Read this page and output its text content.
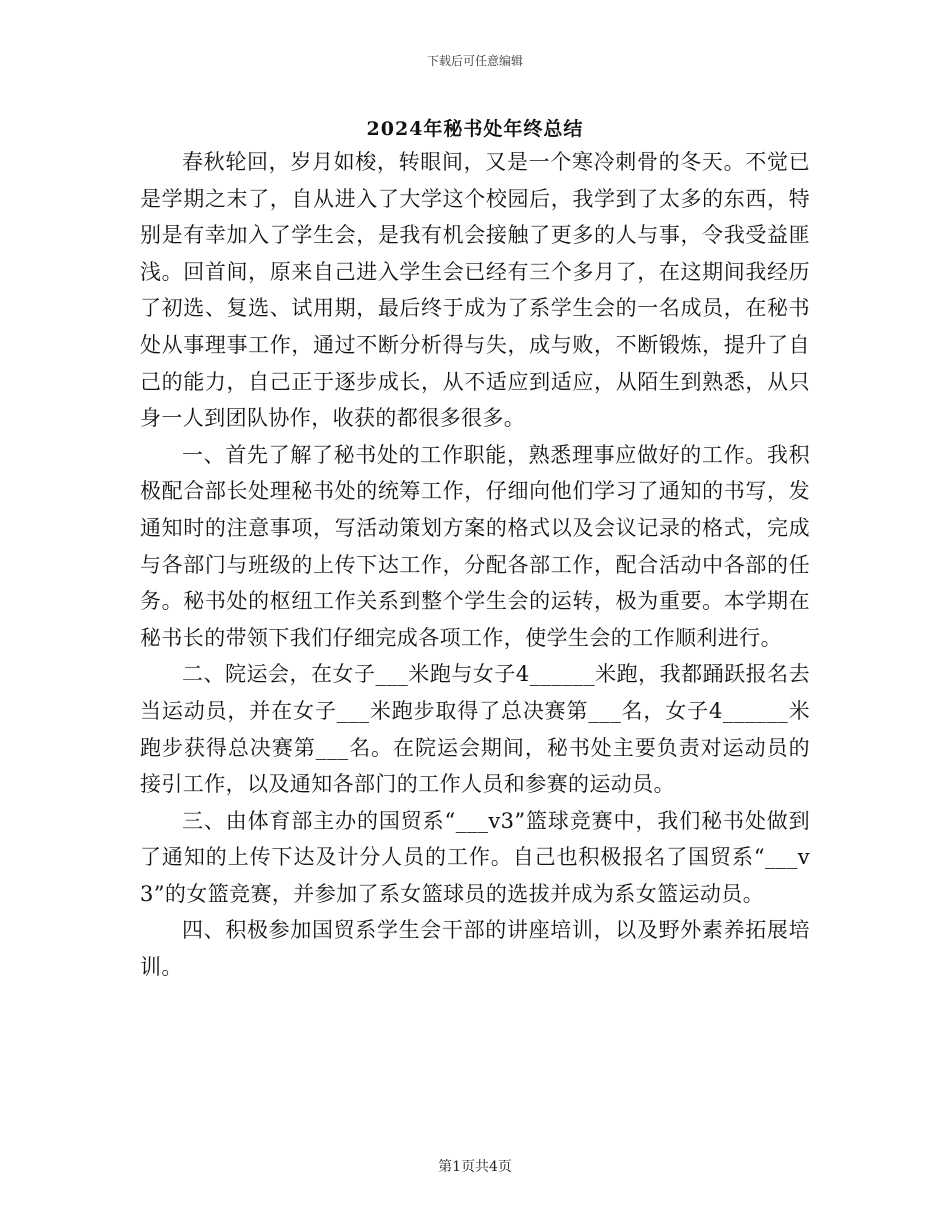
下载后可任意编辑
2024年秘书处年终总结

春秋轮回，岁月如梭，转眼间，又是一个寒冷刺骨的冬天。不觉已是学期之末了，自从进入了大学这个校园后，我学到了太多的东西，特别是有幸加入了学生会，是我有机会接触了更多的人与事，令我受益匪浅。回首间，原来自己进入学生会已经有三个多月了，在这期间我经历了初选、复选、试用期，最后终于成为了系学生会的一名成员，在秘书处从事理事工作，通过不断分析得与失，成与败，不断锻炼，提升了自己的能力，自己正于逐步成长，从不适应到适应，从陌生到熟悉，从只身一人到团队协作，收获的都很多很多。

一、首先了解了秘书处的工作职能，熟悉理事应做好的工作。我积极配合部长处理秘书处的统筹工作，仔细向他们学习了通知的书写，发通知时的注意事项，写活动策划方案的格式以及会议记录的格式，完成与各部门与班级的上传下达工作，分配各部工作，配合活动中各部的任务。秘书处的枢纽工作关系到整个学生会的运转，极为重要。本学期在秘书长的带领下我们仔细完成各项工作，使学生会的工作顺利进行。

二、院运会，在女子___米跑与女子4______米跑，我都踊跃报名去当运动员，并在女子___米跑步取得了总决赛第___名，女子4______米跑步获得总决赛第___名。在院运会期间，秘书处主要负责对运动员的接引工作，以及通知各部门的工作人员和参赛的运动员。

三、由体育部主办的国贸系“___v3”篮球竞赛中，我们秘书处做到了通知的上传下达及计分人员的工作。自己也积极报名了国贸系“___v3”的女篮竞赛，并参加了系女篮球员的选拔并成为系女篮运动员。

四、积极参加国贸系学生会干部的讲座培训，以及野外素养拓展培训。

第1页共4页
